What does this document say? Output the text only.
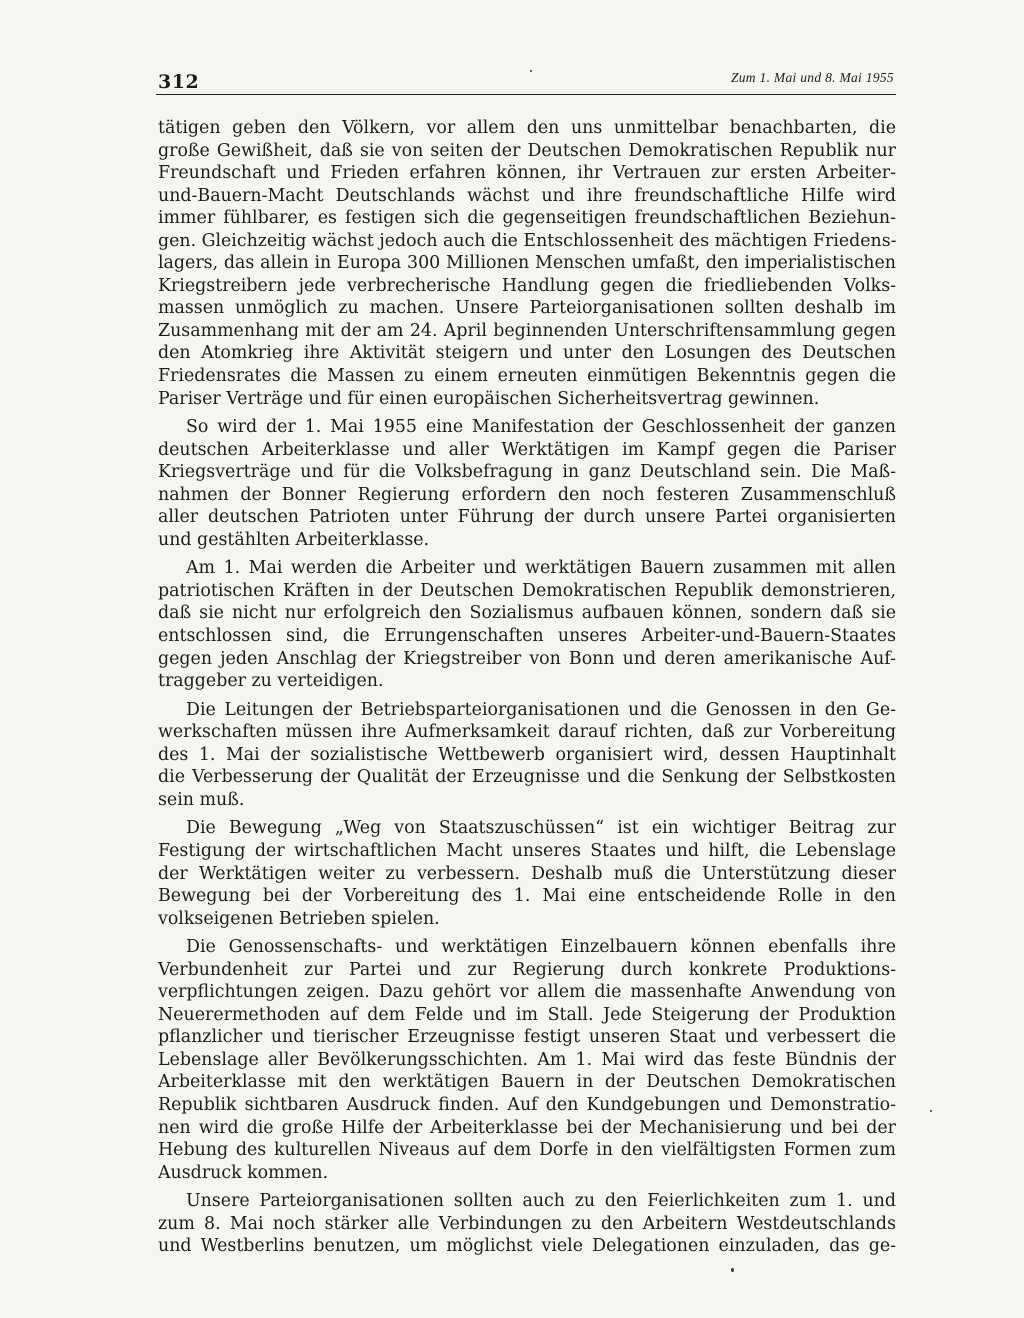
312	Zum 1. Mai und 8. Mai 1955
tätigen geben den Völkern, vor allem den uns unmittelbar benachbarten, die
große Gewißheit, daß sie von seiten der Deutschen Demokratischen Republik nur
Freundschaft und Frieden erfahren können, ihr Vertrauen zur ersten Arbeiter-
und-Bauern-Macht Deutschlands wächst und ihre freundschaftliche Hilfe wird
immer fühlbarer, es festigen sich die gegenseitigen freundschaftlichen Beziehun-
gen. Gleichzeitig wächst jedoch auch die Entschlossenheit des mächtigen Friedens-
lagers, das allein in Europa 300 Millionen Menschen umfaßt, den imperialistischen
Kriegstreibern jede verbrecherische Handlung gegen die friedliebenden Volks-
massen unmöglich zu machen. Unsere Parteiorganisationen sollten deshalb im
Zusammenhang mit der am 24. April beginnenden Unterschriftensammlung gegen
den Atomkrieg ihre Aktivität steigern und unter den Losungen des Deutschen
Friedensrates die Massen zu einem erneuten einmütigen Bekenntnis gegen die
Pariser Verträge und für einen europäischen Sicherheitsvertrag gewinnen.
So wird der 1. Mai 1955 eine Manifestation der Geschlossenheit der ganzen
deutschen Arbeiterklasse und aller Werktätigen im Kampf gegen die Pariser
Kriegsverträge und für die Volksbefragung in ganz Deutschland sein. Die Maß-
nahmen der Bonner Regierung erfordern den noch festeren Zusammenschluß
aller deutschen Patrioten unter Führung der durch unsere Partei organisierten
und gestählten Arbeiterklasse.
Am 1. Mai werden die Arbeiter und werktätigen Bauern zusammen mit allen
patriotischen Kräften in der Deutschen Demokratischen Republik demonstrieren,
daß sie nicht nur erfolgreich den Sozialismus aufbauen können, sondern daß sie
entschlossen sind, die Errungenschaften unseres Arbeiter-und-Bauern-Staates
gegen jeden Anschlag der Kriegstreiber von Bonn und deren amerikanische Auf-
traggeber zu verteidigen.
Die Leitungen der Betriebsparteiorganisationen und die Genossen in den Ge-
werkschaften müssen ihre Aufmerksamkeit darauf richten, daß zur Vorbereitung
des 1. Mai der sozialistische Wettbewerb organisiert wird, dessen Hauptinhalt
die Verbesserung der Qualität der Erzeugnisse und die Senkung der Selbstkosten
sein muß.
Die Bewegung „Weg von Staatszuschüssen“ ist ein wichtiger Beitrag zur
Festigung der wirtschaftlichen Macht unseres Staates und hilft, die Lebenslage
der Werktätigen weiter zu verbessern. Deshalb muß die Unterstützung dieser
Bewegung bei der Vorbereitung des 1. Mai eine entscheidende Rolle in den
volkseigenen Betrieben spielen.
Die Genossenschafts- und werktätigen Einzelbauern können ebenfalls ihre
Verbundenheit zur Partei und zur Regierung durch konkrete Produktions-
verpflichtungen zeigen. Dazu gehört vor allem die massenhafte Anwendung von
Neuerermethoden auf dem Felde und im Stall. Jede Steigerung der Produktion
pflanzlicher und tierischer Erzeugnisse festigt unseren Staat und verbessert die
Lebenslage aller Bevölkerungsschichten. Am 1. Mai wird das feste Bündnis der
Arbeiterklasse mit den werktätigen Bauern in der Deutschen Demokratischen
Republik sichtbaren Ausdruck finden. Auf den Kundgebungen und Demonstratio-
nen wird die große Hilfe der Arbeiterklasse bei der Mechanisierung und bei der
Hebung des kulturellen Niveaus auf dem Dorfe in den vielfältigsten Formen zum
Ausdruck kommen.
Unsere Parteiorganisationen sollten auch zu den Feierlichkeiten zum 1. und
zum 8. Mai noch stärker alle Verbindungen zu den Arbeitern Westdeutschlands
und Westberlins benutzen, um möglichst viele Delegationen einzuladen, das ge-
